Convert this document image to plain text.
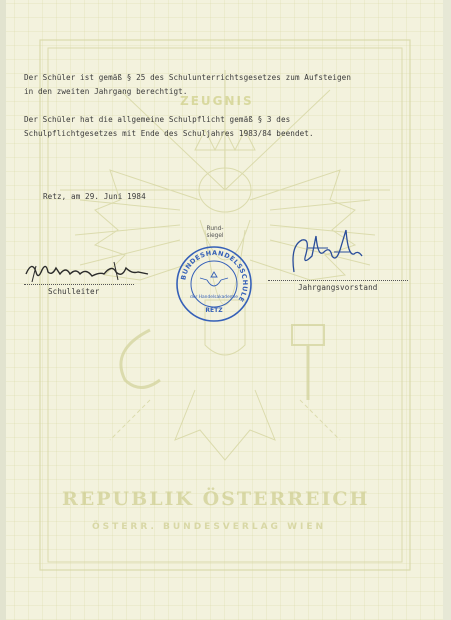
ZEUGNIS
Der Schüler ist gemäß § 25 des Schulunterrichtsgesetzes zum Aufsteigen
in den zweiten Jahrgang berechtigt.
Der Schüler hat die allgemeine Schulpflicht gemäß § 3 des
Schulpflichtgesetzes mit Ende des Schuljahres 1983/84 beendet.
Retz, am 29. Juni 1984
Rund-
siegel
Schulleiter
BUNDESHANDELSSCHULE
der Handelsakademie
RETZ
Jahrgangsvorstand
REPUBLIK ÖSTERREICH
ÖSTERR. BUNDESVERLAG WIEN
